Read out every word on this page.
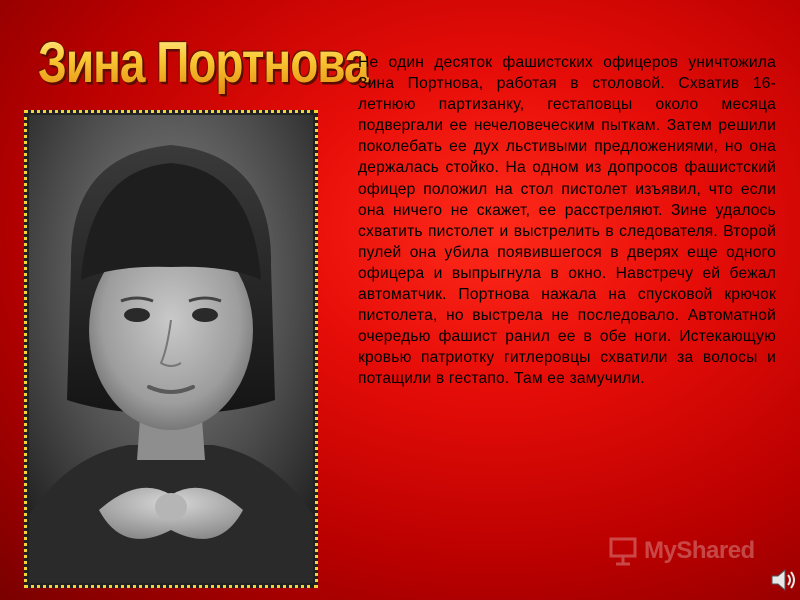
Зина Портнова

Не один десяток фашистских офицеров уничтожила Зина Портнова, работая в столовой. Схватив 16-летнюю партизанку, гестаповцы около месяца подвергали ее нечеловеческим пыткам. Затем решили поколебать ее дух льстивыми предложениями, но она держалась стойко. На одном из допросов фашистский офицер положил на стол пистолет изъявил, что если она ничего не скажет, ее расстреляют. Зине удалось схватить пистолет и выстрелить в следователя. Второй пулей она убила появившегося в дверях еще одного офицера и выпрыгнула в окно. Навстречу ей бежал автоматчик. Портнова нажала на спусковой крючок пистолета, но выстрела не последовало. Автоматной очередью фашист ранил ее в обе ноги. Истекающую кровью патриотку гитлеровцы схватили за волосы и потащили в гестапо. Там ее замучили.

MyShared
